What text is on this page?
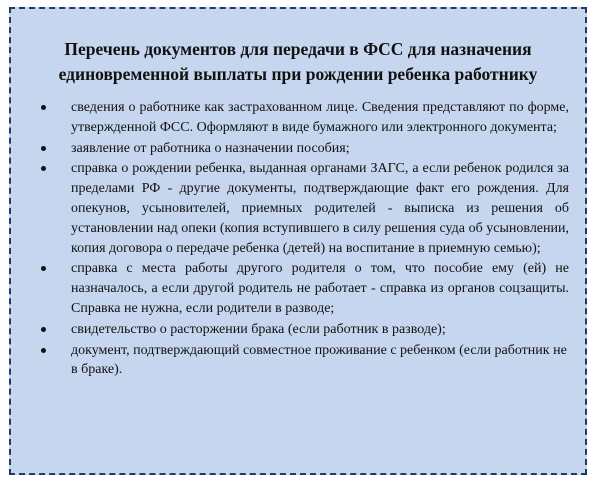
Перечень документов для передачи в ФСС для назначения
единовременной выплаты при рождении ребенка работнику
сведения о работнике как застрахованном лице. Сведения представляют по форме, утвержденной ФСС. Оформляют в виде бумажного или электронного документа;
заявление от работника о назначении пособия;
справка о рождении ребенка, выданная органами ЗАГС, а если ребенок родился за пределами РФ - другие документы, подтверждающие факт его рождения. Для опекунов, усыновителей, приемных родителей - выписка из решения об установлении над опеки (копия вступившего в силу решения суда об усыновлении, копия договора о передаче ребенка (детей) на воспитание в приемную семью);
справка с места работы другого родителя о том, что пособие ему (ей) не назначалось, а если другой родитель не работает - справка из органов соцзащиты. Справка не нужна, если родители в разводе;
свидетельство о расторжении брака (если работник в разводе);
документ, подтверждающий совместное проживание с ребенком (если работник не в браке).
